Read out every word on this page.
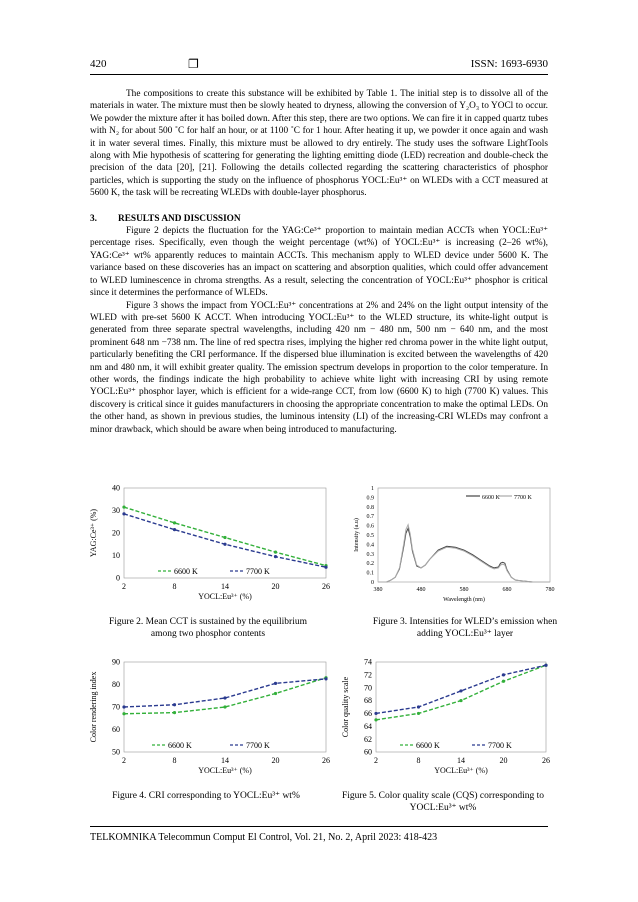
420	❐	ISSN: 1693-6930

The compositions to create this substance will be exhibited by Table 1. The initial step is to dissolve all of the materials in water. The mixture must then be slowly heated to dryness, allowing the conversion of Y₂O₃ to YOCl to occur. We powder the mixture after it has boiled down. After this step, there are two options. We can fire it in capped quartz tubes with N₂ for about 500 ˚C for half an hour, or at 1100 ˚C for 1 hour. After heating it up, we powder it once again and wash it in water several times. Finally, this mixture must be allowed to dry entirely. The study uses the software LightTools along with Mie hypothesis of scattering for generating the lighting emitting diode (LED) recreation and double-check the precision of the data [20], [21]. Following the details collected regarding the scattering characteristics of phosphor particles, which is supporting the study on the influence of phosphorus YOCL:Eu³⁺ on WLEDs with a CCT measured at 5600 K, the task will be recreating WLEDs with double-layer phosphorus.

3. RESULTS AND DISCUSSION

Figure 2 depicts the fluctuation for the YAG:Ce³⁺ proportion to maintain median ACCTs when YOCL:Eu³⁺ percentage rises. Specifically, even though the weight percentage (wt%) of YOCL:Eu³⁺ is increasing (2‒26 wt%), YAG:Ce³⁺ wt% apparently reduces to maintain ACCTs. This mechanism apply to WLED device under 5600 K. The variance based on these discoveries has an impact on scattering and absorption qualities, which could offer advancement to WLED luminescence in chroma strengths. As a result, selecting the concentration of YOCL:Eu³⁺ phosphor is critical since it determines the performance of WLEDs.

Figure 3 shows the impact from YOCL:Eu³⁺ concentrations at 2% and 24% on the light output intensity of the WLED with pre-set 5600 K ACCT. When introducing YOCL:Eu³⁺ to the WLED structure, its white-light output is generated from three separate spectral wavelengths, including 420 nm − 480 nm, 500 nm − 640 nm, and the most prominent 648 nm −738 nm. The line of red spectra rises, implying the higher red chroma power in the white light output, particularly benefiting the CRI performance. If the dispersed blue illumination is excited between the wavelengths of 420 nm and 480 nm, it will exhibit greater quality. The emission spectrum develops in proportion to the color temperature. In other words, the findings indicate the high probability to achieve white light with increasing CRI by using remote YOCL:Eu³⁺ phosphor layer, which is efficient for a wide-range CCT, from low (6600 K) to high (7700 K) values. This discovery is critical since it guides manufacturers in choosing the appropriate concentration to make the optimal LEDs. On the other hand, as shown in previous studies, the luminous intensity (LI) of the increasing-CRI WLEDs may confront a minor drawback, which should be aware when being introduced to manufacturing.

0
10
20
30
40
2	8	14	20	26
YOCL:Eu³⁺ (%)
YAG:Ce³⁺ (%)
6600 K	7700 K
0
0.1
0.2
0.3
0.4
0.5
0.6
0.7
0.8
0.9
1
380	480	580	680	780
Wavelength (nm)
Intensity (a.u)
6600 K 7700 K
50
60
70
80
90
2	8	14	20	26
YOCL:Eu³⁺ (%)
Color rendering index
6600 K	7700 K
60
62
64
66
68
70
72
74
2	8	14	20	26
YOCL:Eu³⁺ (%)
Color quality scale
6600 K	7700 K
Figure 2. Mean CCT is sustained by the equilibrium among two phosphor contents
Figure 3. Intensities for WLED’s emission when adding YOCL:Eu³⁺ layer
Figure 4. CRI corresponding to YOCL:Eu³⁺ wt%	Figure 5. Color quality scale (CQS) corresponding to YOCL:Eu³⁺ wt%
TELKOMNIKA Telecommun Comput El Control, Vol. 21, No. 2, April 2023: 418-423
